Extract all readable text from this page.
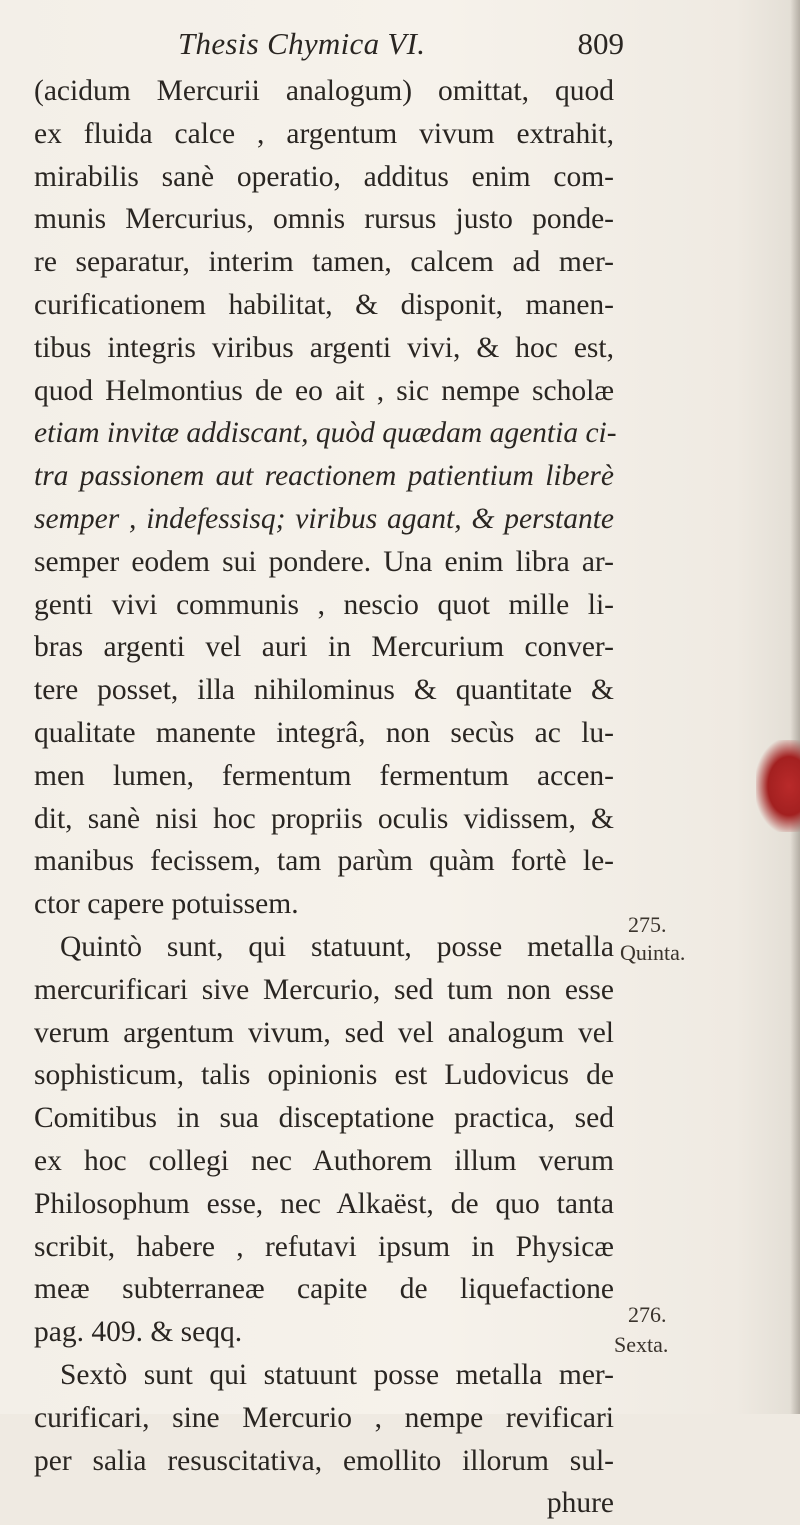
Thesis Chymica VI.	809
(acidum Mercurii analogum) omittat, quod
ex fluida calce , argentum vivum extrahit,
mirabilis sanè operatio, additus enim com-
munis Mercurius, omnis rursus justo ponde-
re separatur, interim tamen, calcem ad mer-
curificationem habilitat, & disponit, manen-
tibus integris viribus argenti vivi, & hoc est,
quod Helmontius de eo ait , sic nempe scholæ
etiam invitæ addiscant, quòd quædam agentia ci-
tra passionem aut reactionem patientium liberè
semper , indefessisq; viribus agant, & perstante
semper eodem sui pondere. Una enim libra ar-
genti vivi communis , nescio quot mille li-
bras argenti vel auri in Mercurium conver-
tere posset, illa nihilominus & quantitate &
qualitate manente integrâ, non secùs ac lu-
men lumen, fermentum fermentum accen-
dit, sanè nisi hoc propriis oculis vidissem, &
manibus fecissem, tam parùm quàm fortè le-
ctor capere potuissem.
Quintò sunt, qui statuunt, posse metalla
mercurificari sive Mercurio, sed tum non esse
verum argentum vivum, sed vel analogum vel
sophisticum, talis opinionis est Ludovicus de
Comitibus in sua disceptatione practica, sed
ex hoc collegi nec Authorem illum verum
Philosophum esse, nec Alkaëst, de quo tanta
scribit, habere , refutavi ipsum in Physicæ
meæ subterraneæ capite de liquefactione
pag. 409. & seqq.
Sextò sunt qui statuunt posse metalla mer-
curificari, sine Mercurio , nempe revificari
per salia resuscitativa, emollito illorum sul-
phure
275.
Quinta.
276.
Sexta.
